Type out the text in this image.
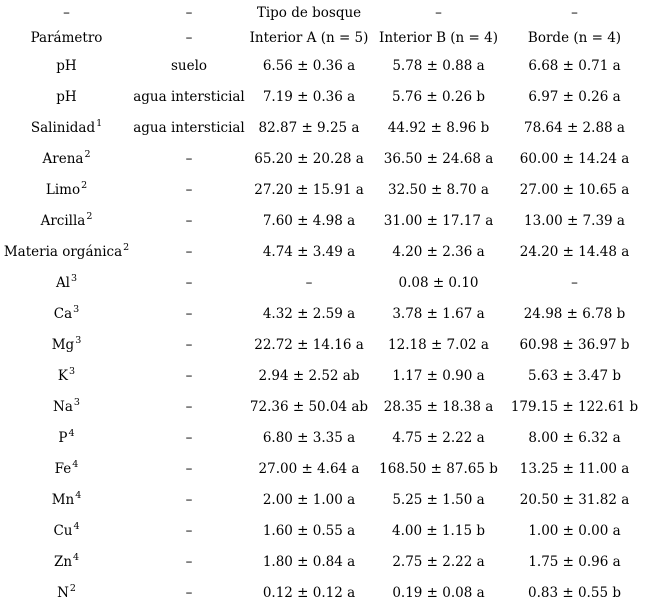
–	–	Tipo de bosque	–	–
Parámetro	–	Interior A (n = 5)	Interior B (n = 4)	Borde (n = 4)
pH	suelo	6.56 ± 0.36 a	5.78 ± 0.88 a	6.68 ± 0.71 a
pH	agua intersticial	7.19 ± 0.36 a	5.76 ± 0.26 b	6.97 ± 0.26 a
Salinidad$^1$	agua intersticial	82.87 ± 9.25 a	44.92 ± 8.96 b	78.64 ± 2.88 a
Arena$^2$	–	65.20 ± 20.28 a	36.50 ± 24.68 a	60.00 ± 14.24 a
Limo$^2$	–	27.20 ± 15.91 a	32.50 ± 8.70 a	27.00 ± 10.65 a
Arcilla$^2$	–	7.60 ± 4.98 a	31.00 ± 17.17 a	13.00 ± 7.39 a
Materia orgánica$^2$	–	4.74 ± 3.49 a	4.20 ± 2.36 a	24.20 ± 14.48 a
Al$^3$	–	–	0.08 ± 0.10	–
Ca$^3$	–	4.32 ± 2.59 a	3.78 ± 1.67 a	24.98 ± 6.78 b
Mg$^3$	–	22.72 ± 14.16 a	12.18 ± 7.02 a	60.98 ± 36.97 b
$K^3$	–	2.94 ± 2.52 ab	1.17 ± 0.90 a	5.63 ± 3.47 b
Na$^3$	–	72.36 ± 50.04 ab	28.35 ± 18.38 a	179.15 ± 122.61 b
$P^4$	–	6.80 ± 3.35 a	4.75 ± 2.22 a	8.00 ± 6.32 a
Fe$^4$	–	27.00 ± 4.64 a	168.50 ± 87.65 b	13.25 ± 11.00 a
Mn$^4$	–	2.00 ± 1.00 a	5.25 ± 1.50 a	20.50 ± 31.82 a
Cu$^4$	–	1.60 ± 0.55 a	4.00 ± 1.15 b	1.00 ± 0.00 a
Zn$^4$	–	1.80 ± 0.84 a	2.75 ± 2.22 a	1.75 ± 0.96 a
$N^2$	–	0.12 ± 0.12 a	0.19 ± 0.08 a	0.83 ± 0.55 b
